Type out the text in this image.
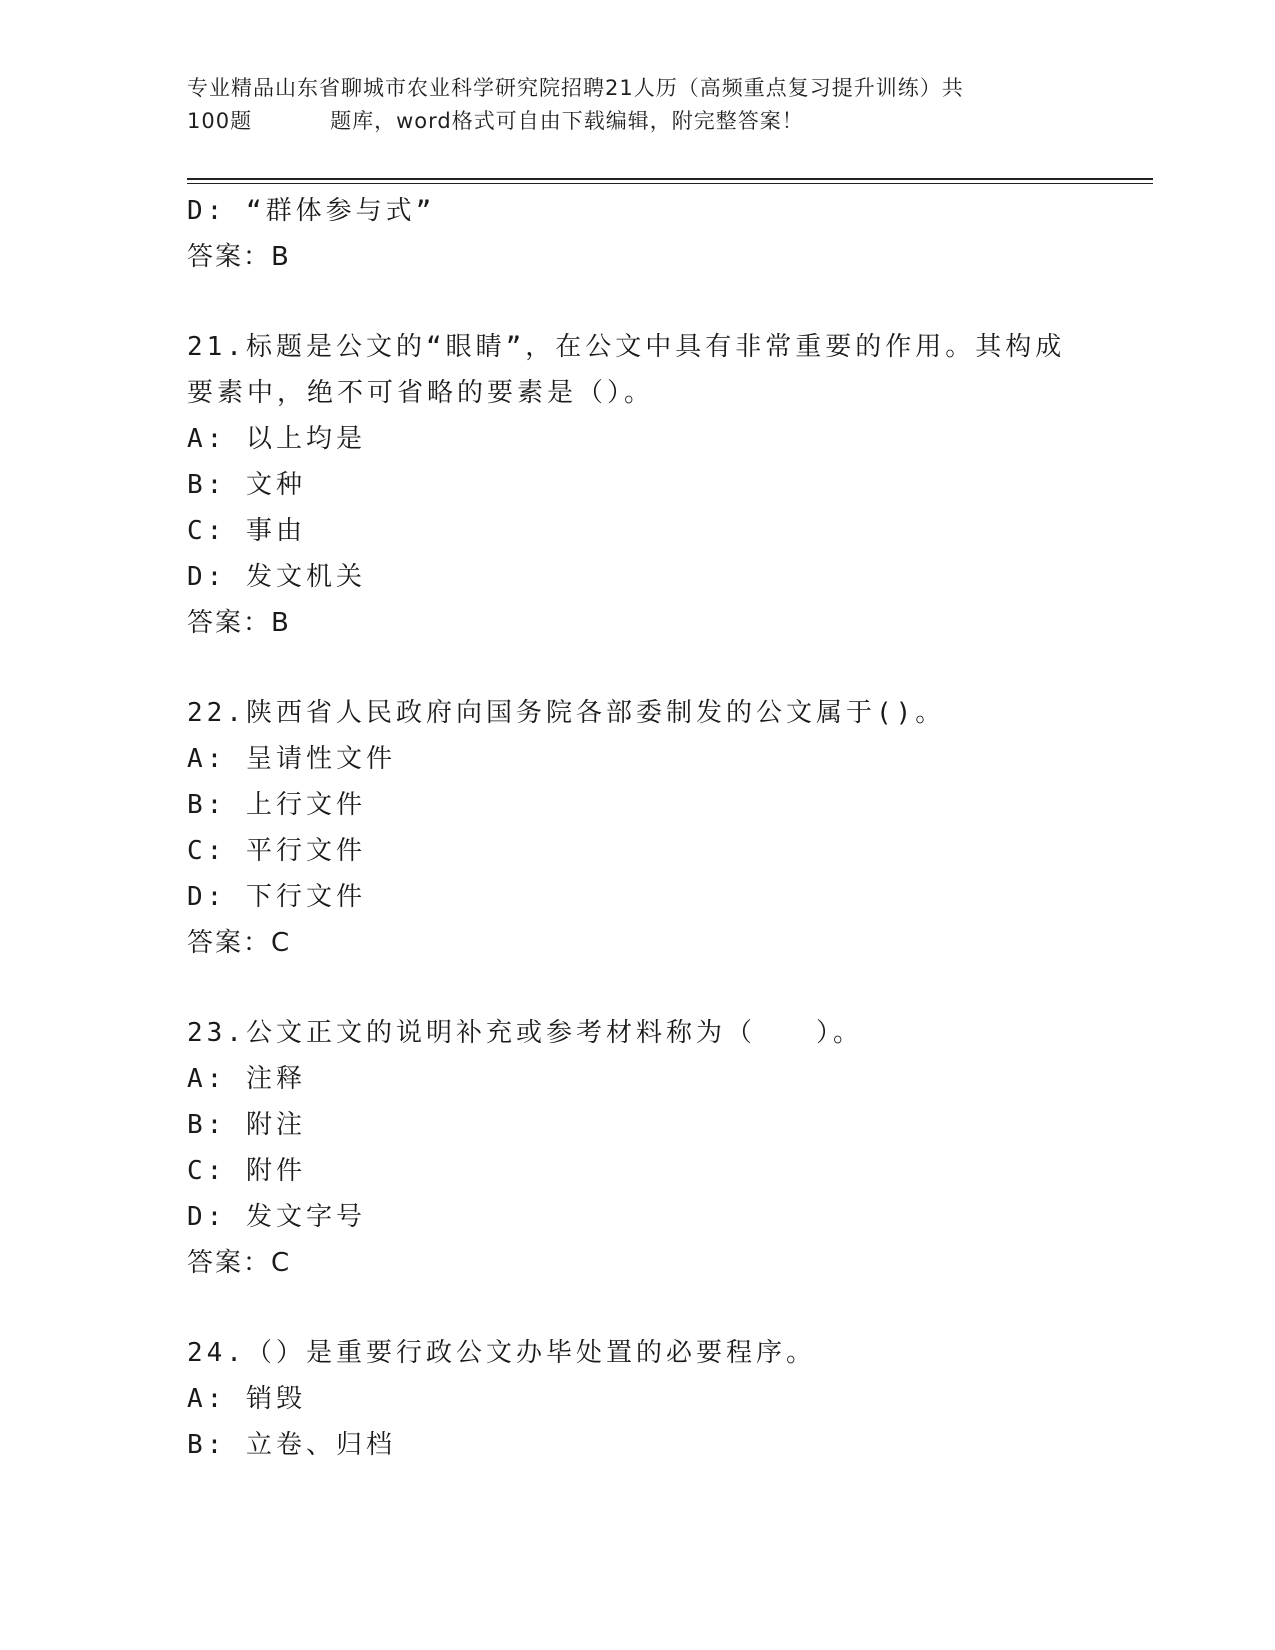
专业精品山东省聊城市农业科学研究院招聘21人历（高频重点复习提升训练）共
100题	题库，word格式可自由下载编辑，附完整答案！
D: “群体参与式”
答案：B
21.标题是公文的“眼睛”，在公文中具有非常重要的作用。其构成要素中，绝不可省略的要素是（）。
A: 以上均是
B: 文种
C: 事由
D: 发文机关
答案：B
22.陕西省人民政府向国务院各部委制发的公文属于()。
A: 呈请性文件
B: 上行文件
C: 平行文件
D: 下行文件
答案：C
23.公文正文的说明补充或参考材料称为（　　）。
A: 注释
B: 附注
C: 附件
D: 发文字号
答案：C
24.（）是重要行政公文办毕处置的必要程序。
A: 销毁
B: 立卷、归档
